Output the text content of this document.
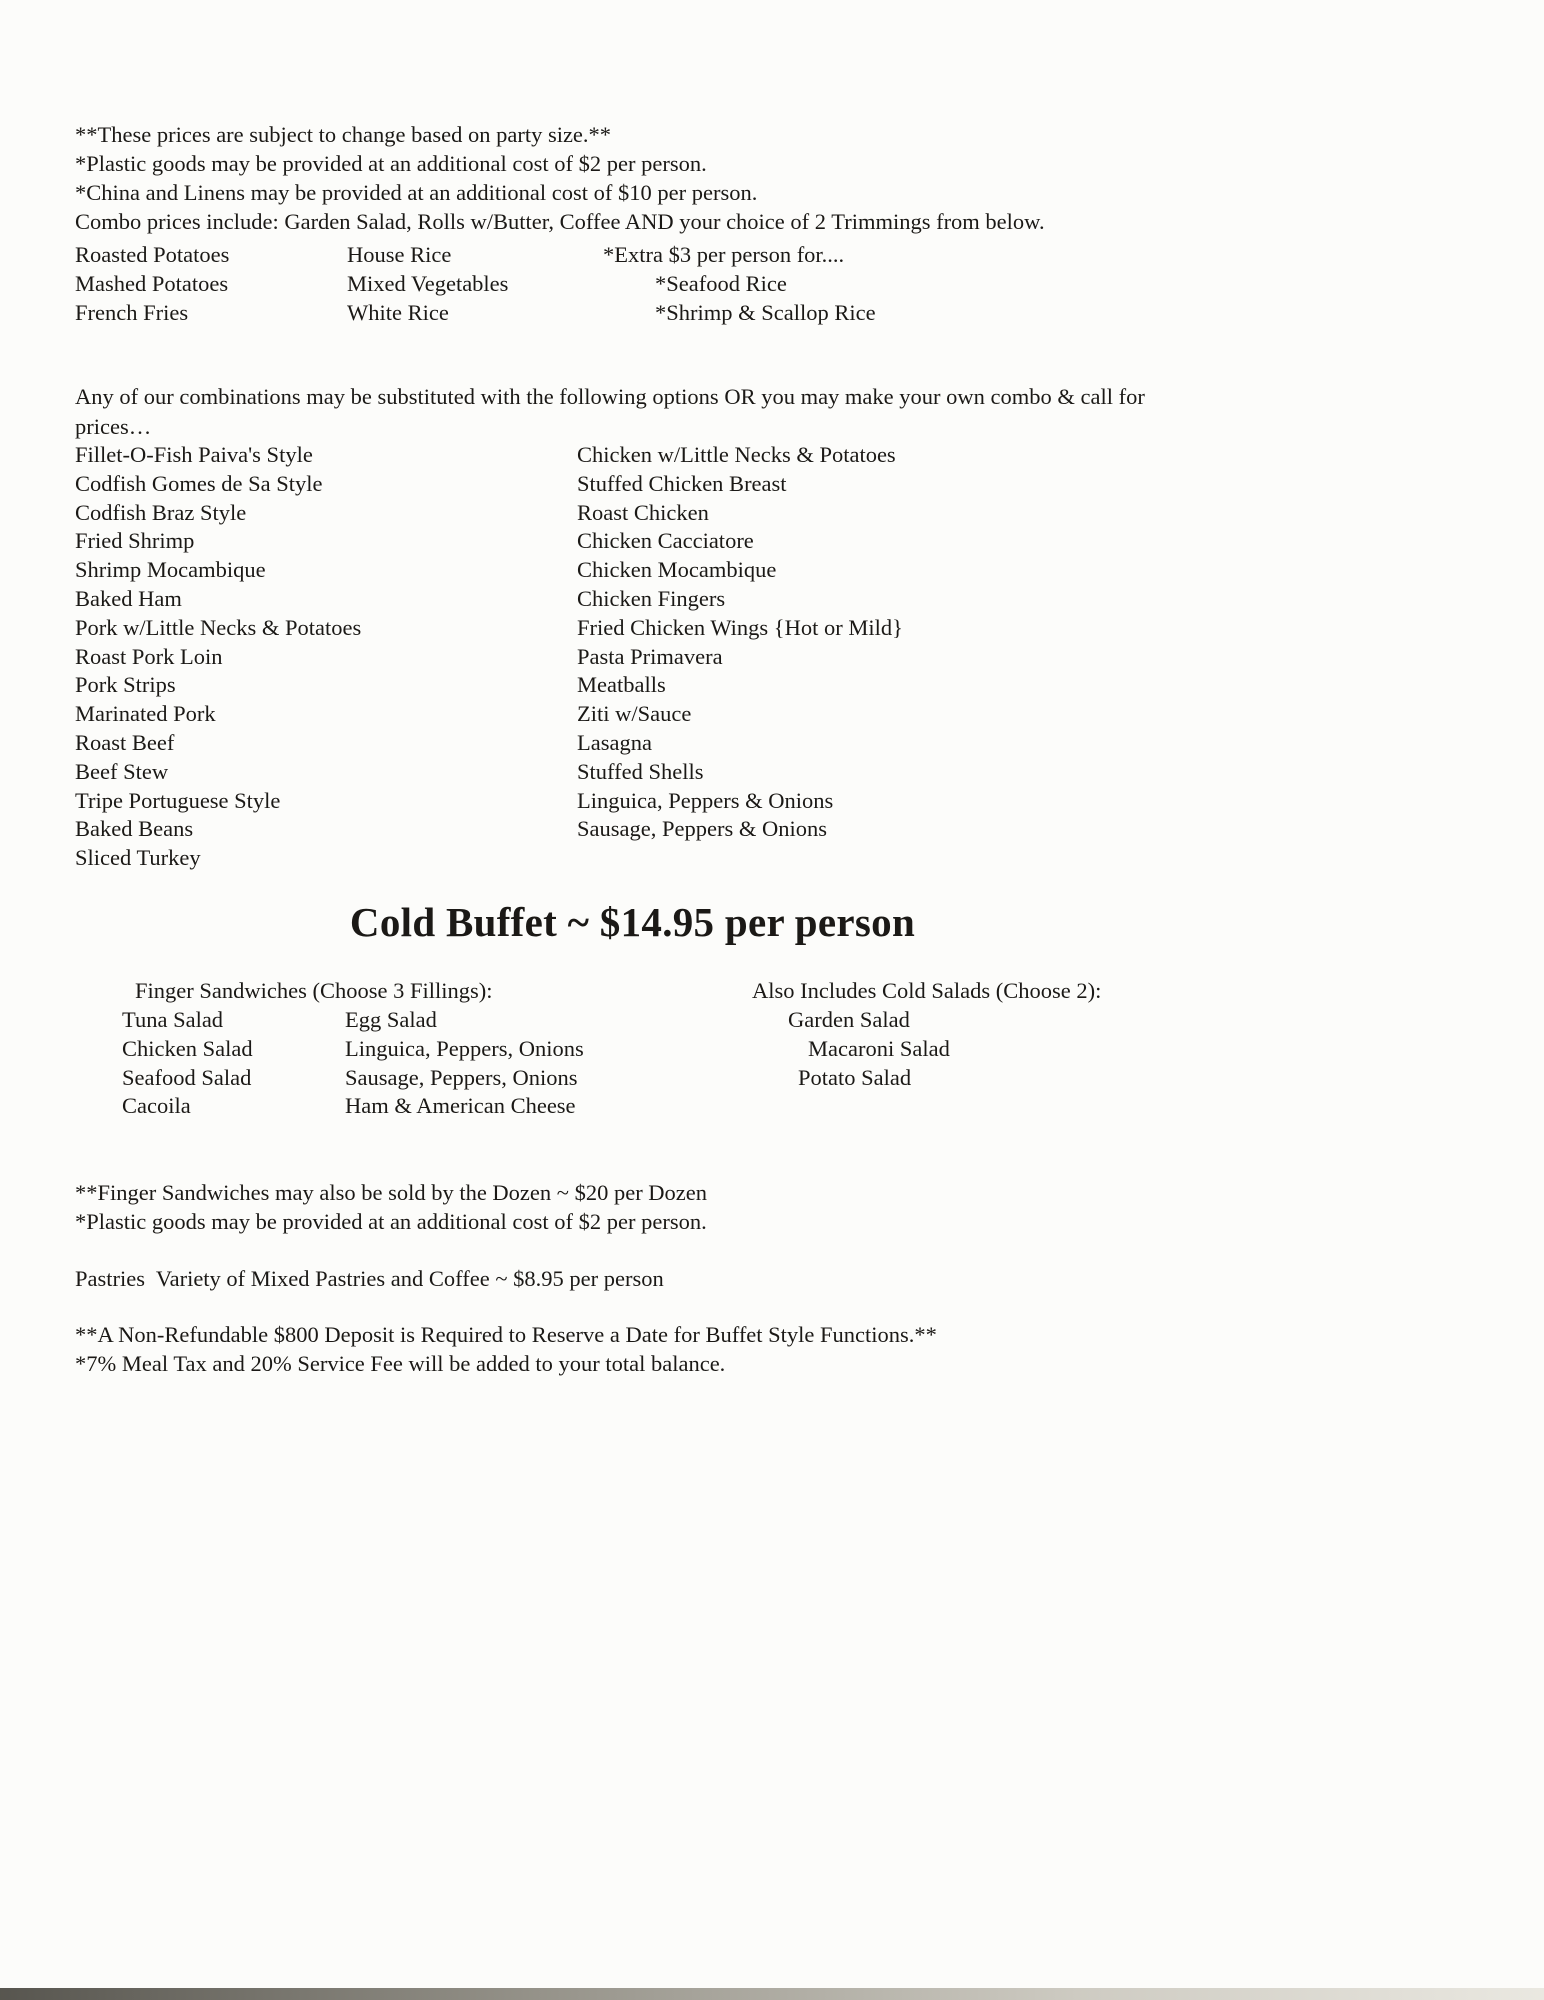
**These prices are subject to change based on party size.**
*Plastic goods may be provided at an additional cost of $2 per person.
*China and Linens may be provided at an additional cost of $10 per person.
Combo prices include: Garden Salad, Rolls w/Butter, Coffee AND your choice of 2 Trimmings from below.
Roasted Potatoes
Mashed Potatoes
French Fries
House Rice
Mixed Vegetables
White Rice
*Extra $3 per person for....
*Seafood Rice
*Shrimp & Scallop Rice

Any of our combinations may be substituted with the following options OR you may make your own combo & call for prices…

Fillet-O-Fish Paiva's Style
Codfish Gomes de Sa Style
Codfish Braz Style
Fried Shrimp
Shrimp Mocambique
Baked Ham
Pork w/Little Necks & Potatoes
Roast Pork Loin
Pork Strips
Marinated Pork
Roast Beef
Beef Stew
Tripe Portuguese Style
Baked Beans
Sliced Turkey
Chicken w/Little Necks & Potatoes
Stuffed Chicken Breast
Roast Chicken
Chicken Cacciatore
Chicken Mocambique
Chicken Fingers
Fried Chicken Wings {Hot or Mild}
Pasta Primavera
Meatballs
Ziti w/Sauce
Lasagna
Stuffed Shells
Linguica, Peppers & Onions
Sausage, Peppers & Onions
Cold Buffet ~ $14.95 per person
Finger Sandwiches (Choose 3 Fillings):
Tuna Salad
Chicken Salad
Seafood Salad
Cacoila
Egg Salad
Linguica, Peppers, Onions
Sausage, Peppers, Onions
Ham & American Cheese
Also Includes Cold Salads (Choose 2):
Garden Salad
Macaroni Salad
Potato Salad
**Finger Sandwiches may also be sold by the Dozen ~ $20 per Dozen
*Plastic goods may be provided at an additional cost of $2 per person.
Pastries  Variety of Mixed Pastries and Coffee ~ $8.95 per person
**A Non-Refundable $800 Deposit is Required to Reserve a Date for Buffet Style Functions.**
*7% Meal Tax and 20% Service Fee will be added to your total balance.
